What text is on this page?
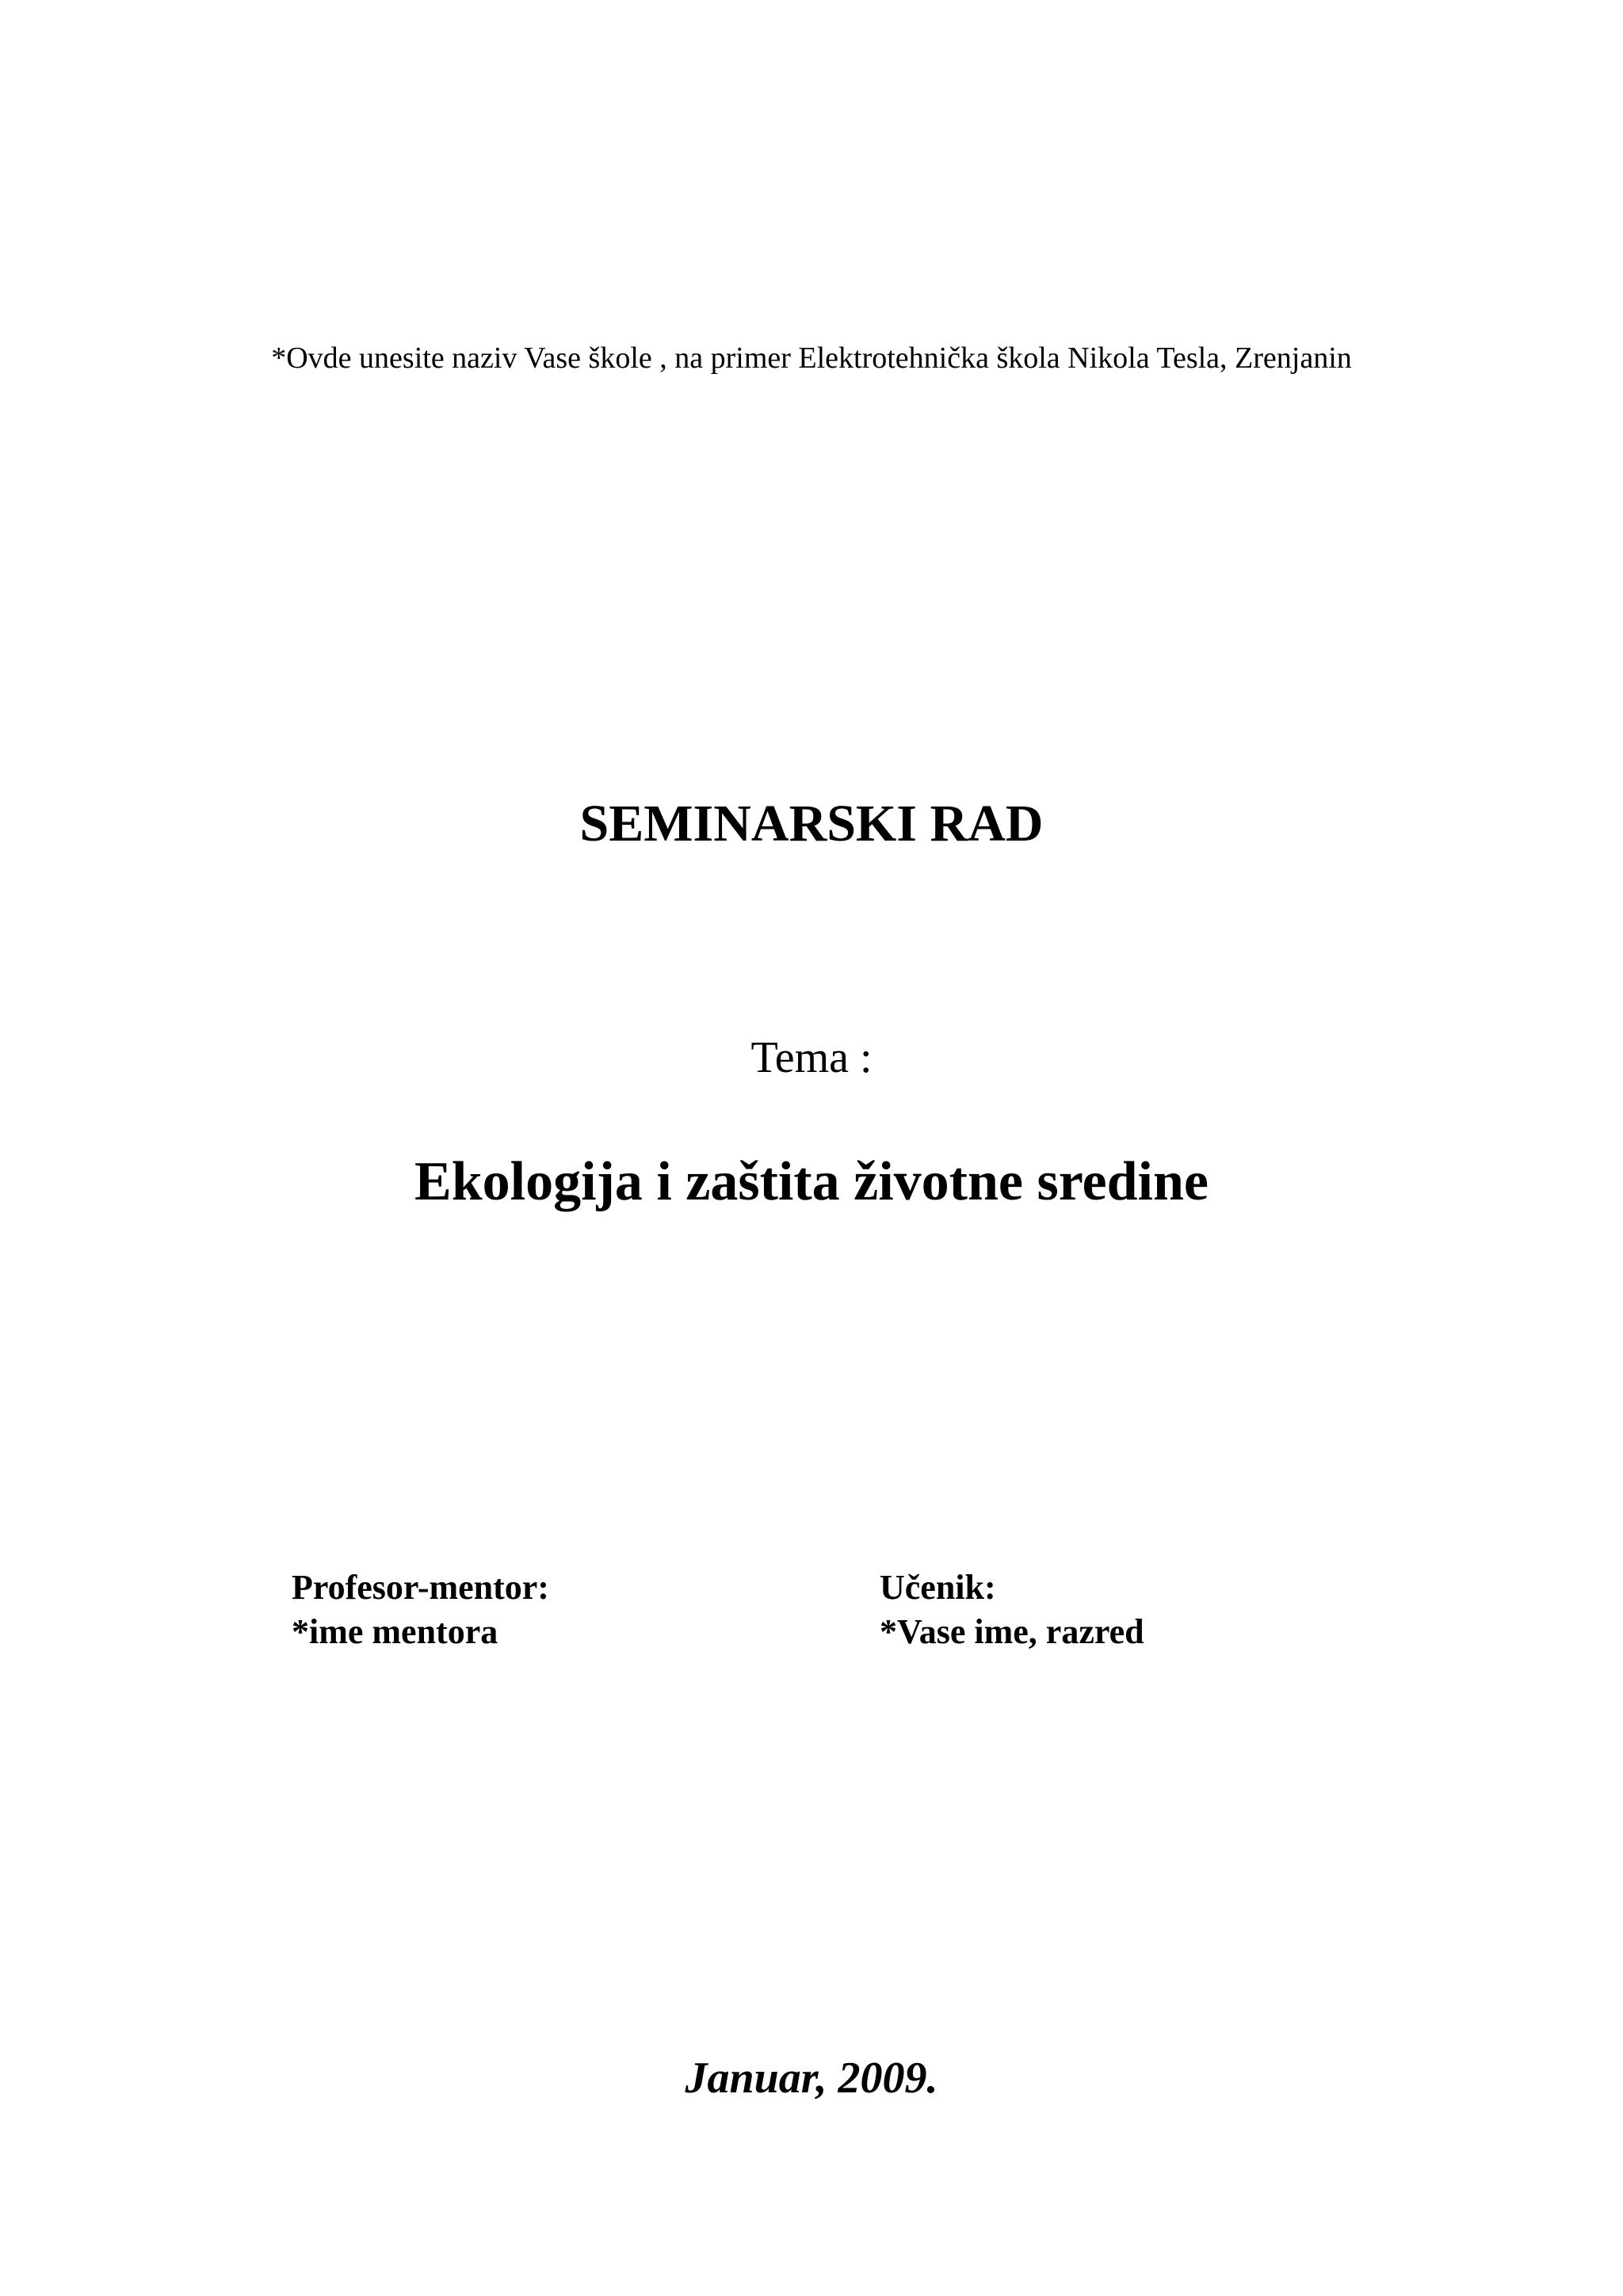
*Ovde unesite naziv Vase škole , na primer Elektrotehnička škola Nikola Tesla, Zrenjanin
SEMINARSKI RAD
Tema :
Ekologija i zaštita životne sredine
Profesor-mentor:
*ime mentora
Učenik:
*Vase ime, razred
Januar, 2009.
